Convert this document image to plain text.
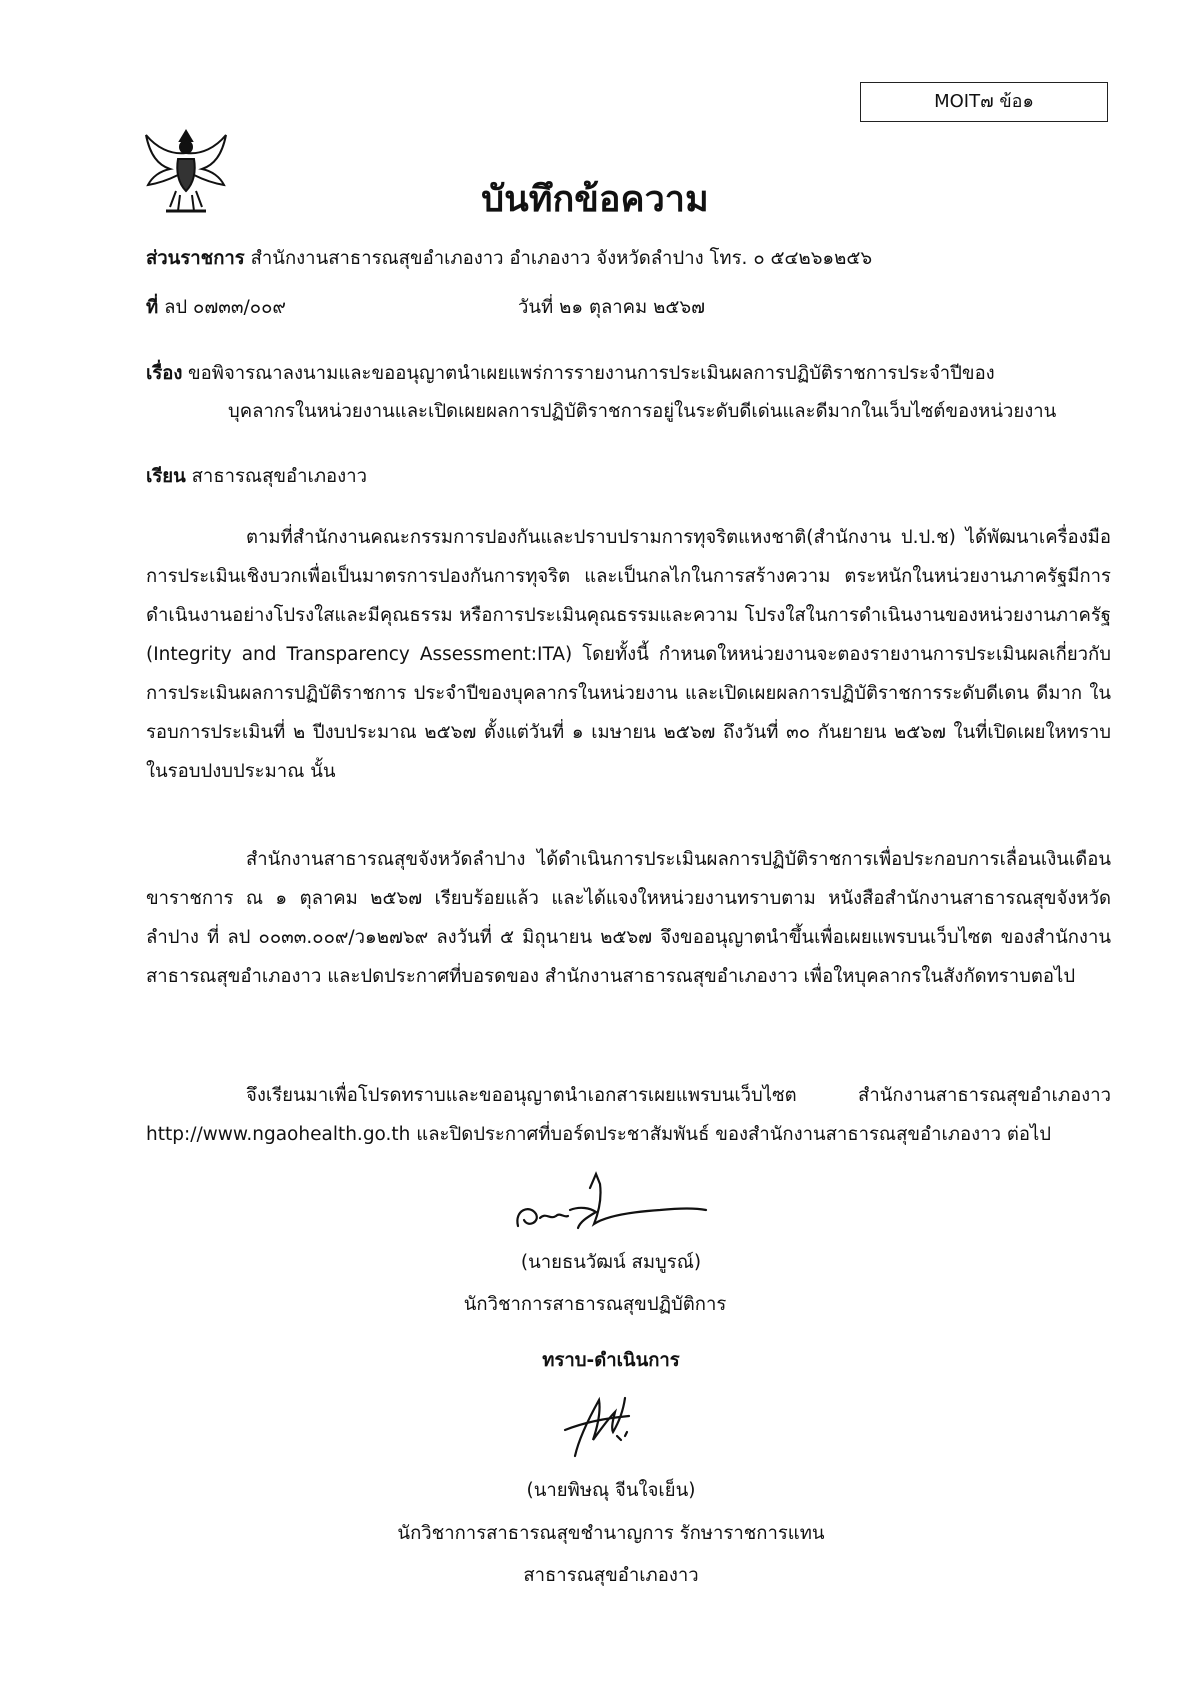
MOIT๗ ข้อ๑
บันทึกข้อความ
ส่วนราชการ สำนักงานสาธารณสุขอำเภองาว อำเภองาว จังหวัดลำปาง โทร. ๐ ๕๔๒๖๑๒๕๖
ที่ ลป ๐๗๓๓/๐๐๙	วันที่ ๒๑ ตุลาคม ๒๕๖๗
เรื่อง ขอพิจารณาลงนามและขออนุญาตนำเผยแพร่การรายงานการประเมินผลการปฏิบัติราชการประจำปีของ
บุคลากรในหน่วยงานและเปิดเผยผลการปฏิบัติราชการอยู่ในระดับดีเด่นและดีมากในเว็บไซต์ของหน่วยงาน
เรียน สาธารณสุขอำเภองาว
ตามที่สำนักงานคณะกรรมการปองกันและปราบปรามการทุจริตแหงชาติ(สำนักงาน ป.ป.ช) ได้พัฒนาเครื่องมือการประเมินเชิงบวกเพื่อเป็นมาตรการปองกันการทุจริต และเป็นกลไกในการสร้างความ ตระหนักในหน่วยงานภาครัฐมีการดำเนินงานอย่างโปรงใสและมีคุณธรรม หรือการประเมินคุณธรรมและความ โปรงใสในการดำเนินงานของหน่วยงานภาครัฐ (Integrity and Transparency Assessment:ITA) โดยทั้งนี้ กำหนดใหหน่วยงานจะตองรายงานการประเมินผลเกี่ยวกับการประเมินผลการปฏิบัติราชการ ประจำปีของบุคลากรในหน่วยงาน และเปิดเผยผลการปฏิบัติราชการระดับดีเดน ดีมาก ในรอบการประเมินที่ ๒ ปีงบประมาณ ๒๕๖๗ ตั้งแต่วันที่ ๑ เมษายน ๒๕๖๗ ถึงวันที่ ๓๐ กันยายน ๒๕๖๗ ในที่เปิดเผยใหทราบในรอบปงบประมาณ นั้น
สำนักงานสาธารณสุขจังหวัดลำปาง ได้ดำเนินการประเมินผลการปฏิบัติราชการเพื่อประกอบการเลื่อนเงินเดือนขาราชการ ณ ๑ ตุลาคม ๒๕๖๗ เรียบร้อยแล้ว และได้แจงใหหน่วยงานทราบตาม หนังสือสำนักงานสาธารณสุขจังหวัดลำปาง ที่ ลป ๐๐๓๓.๐๐๙/ว๑๒๗๖๙ ลงวันที่ ๕ มิถุนายน ๒๕๖๗ จึงขออนุญาตนำขึ้นเพื่อเผยแพรบนเว็บไซต ของสำนักงานสาธารณสุขอำเภองาว และปดประกาศที่บอรดของ สำนักงานสาธารณสุขอำเภองาว เพื่อใหบุคลากรในสังกัดทราบตอไป
จึงเรียนมาเพื่อโปรดทราบและขออนุญาตนำเอกสารเผยแพรบนเว็บไซต สำนักงานสาธารณสุขอำเภองาว http://www.ngaohealth.go.th และปิดประกาศที่บอร์ดประชาสัมพันธ์ ของสำนักงานสาธารณสุขอำเภองาว ต่อไป
(นายธนวัฒน์ สมบูรณ์)
นักวิชาการสาธารณสุขปฏิบัติการ
ทราบ-ดำเนินการ
(นายพิษณุ จีนใจเย็น)
นักวิชาการสาธารณสุขชำนาญการ รักษาราชการแทน
สาธารณสุขอำเภองาว
